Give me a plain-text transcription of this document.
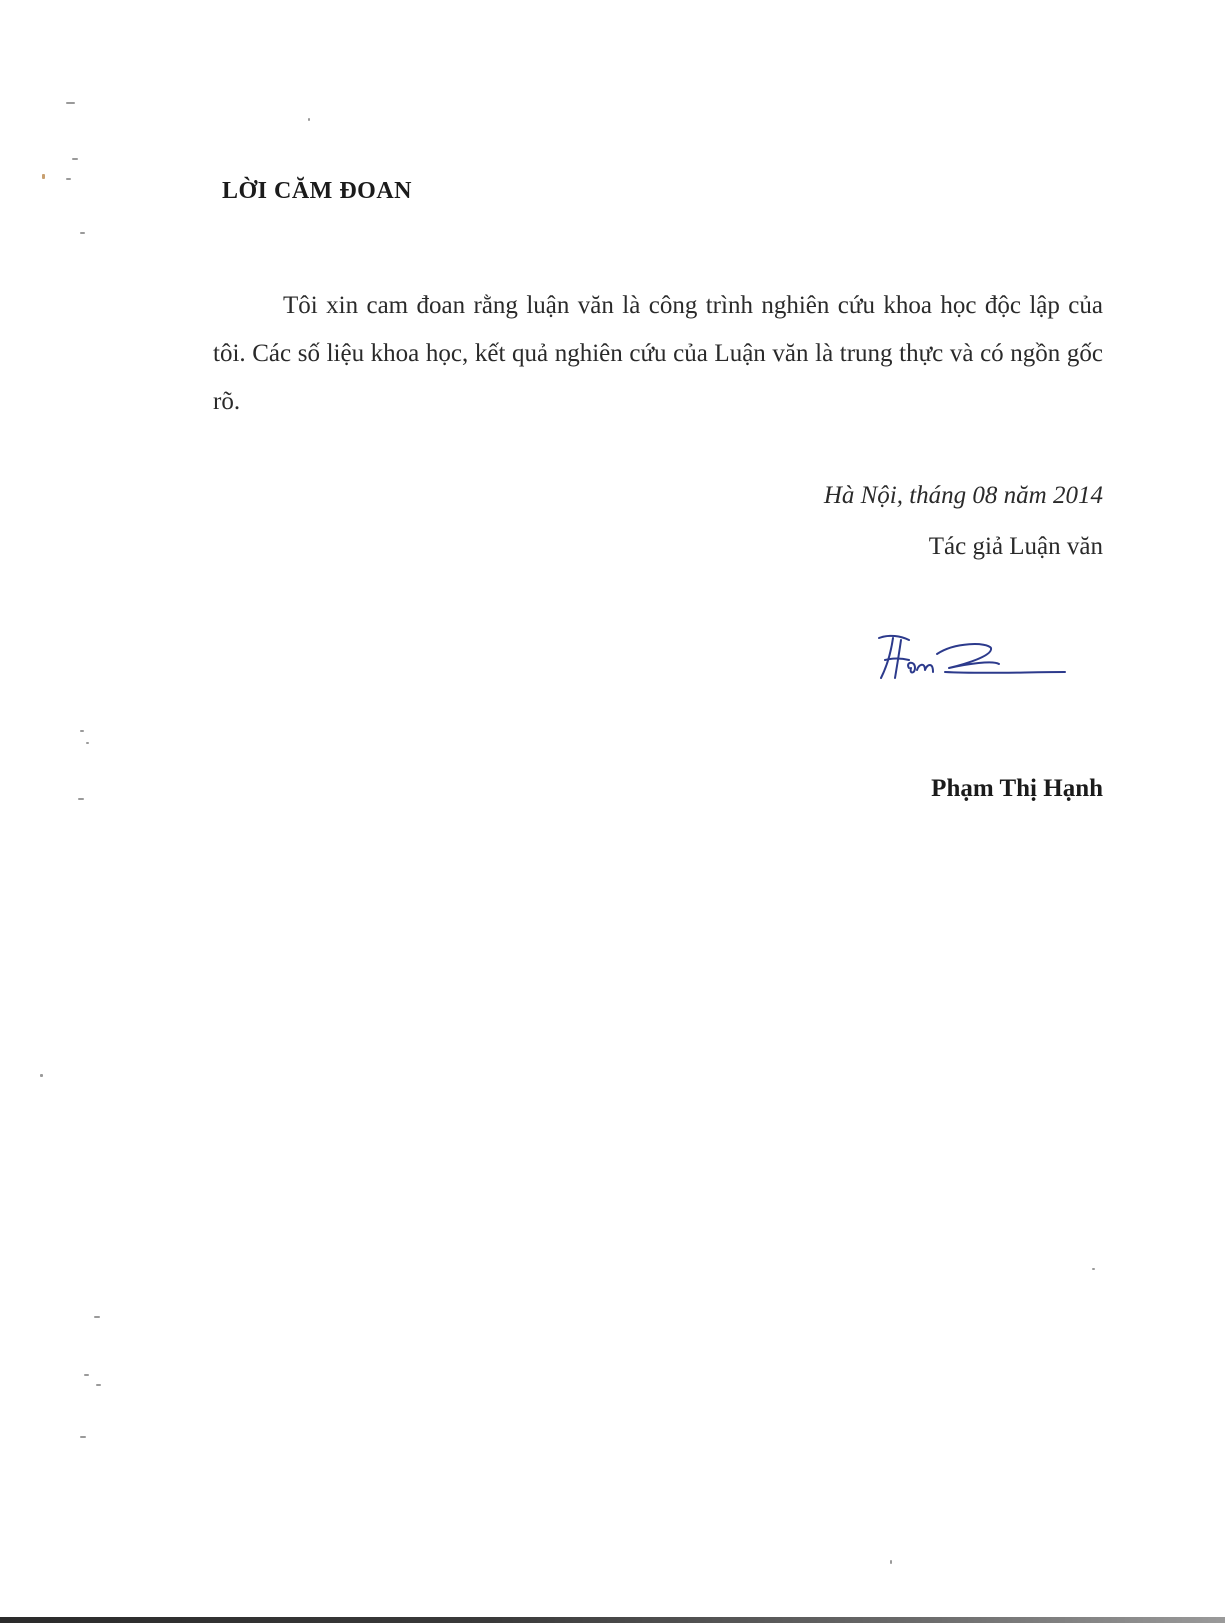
LỜI CĂM ĐOAN

Tôi xin cam đoan rằng luận văn là công trình nghiên cứu khoa học độc lập của tôi. Các số liệu khoa học, kết quả nghiên cứu của Luận văn là trung thực và có ngồn gốc rõ.

Hà Nội, tháng 08 năm 2014
Tác giả Luận văn
Phạm Thị Hạnh
